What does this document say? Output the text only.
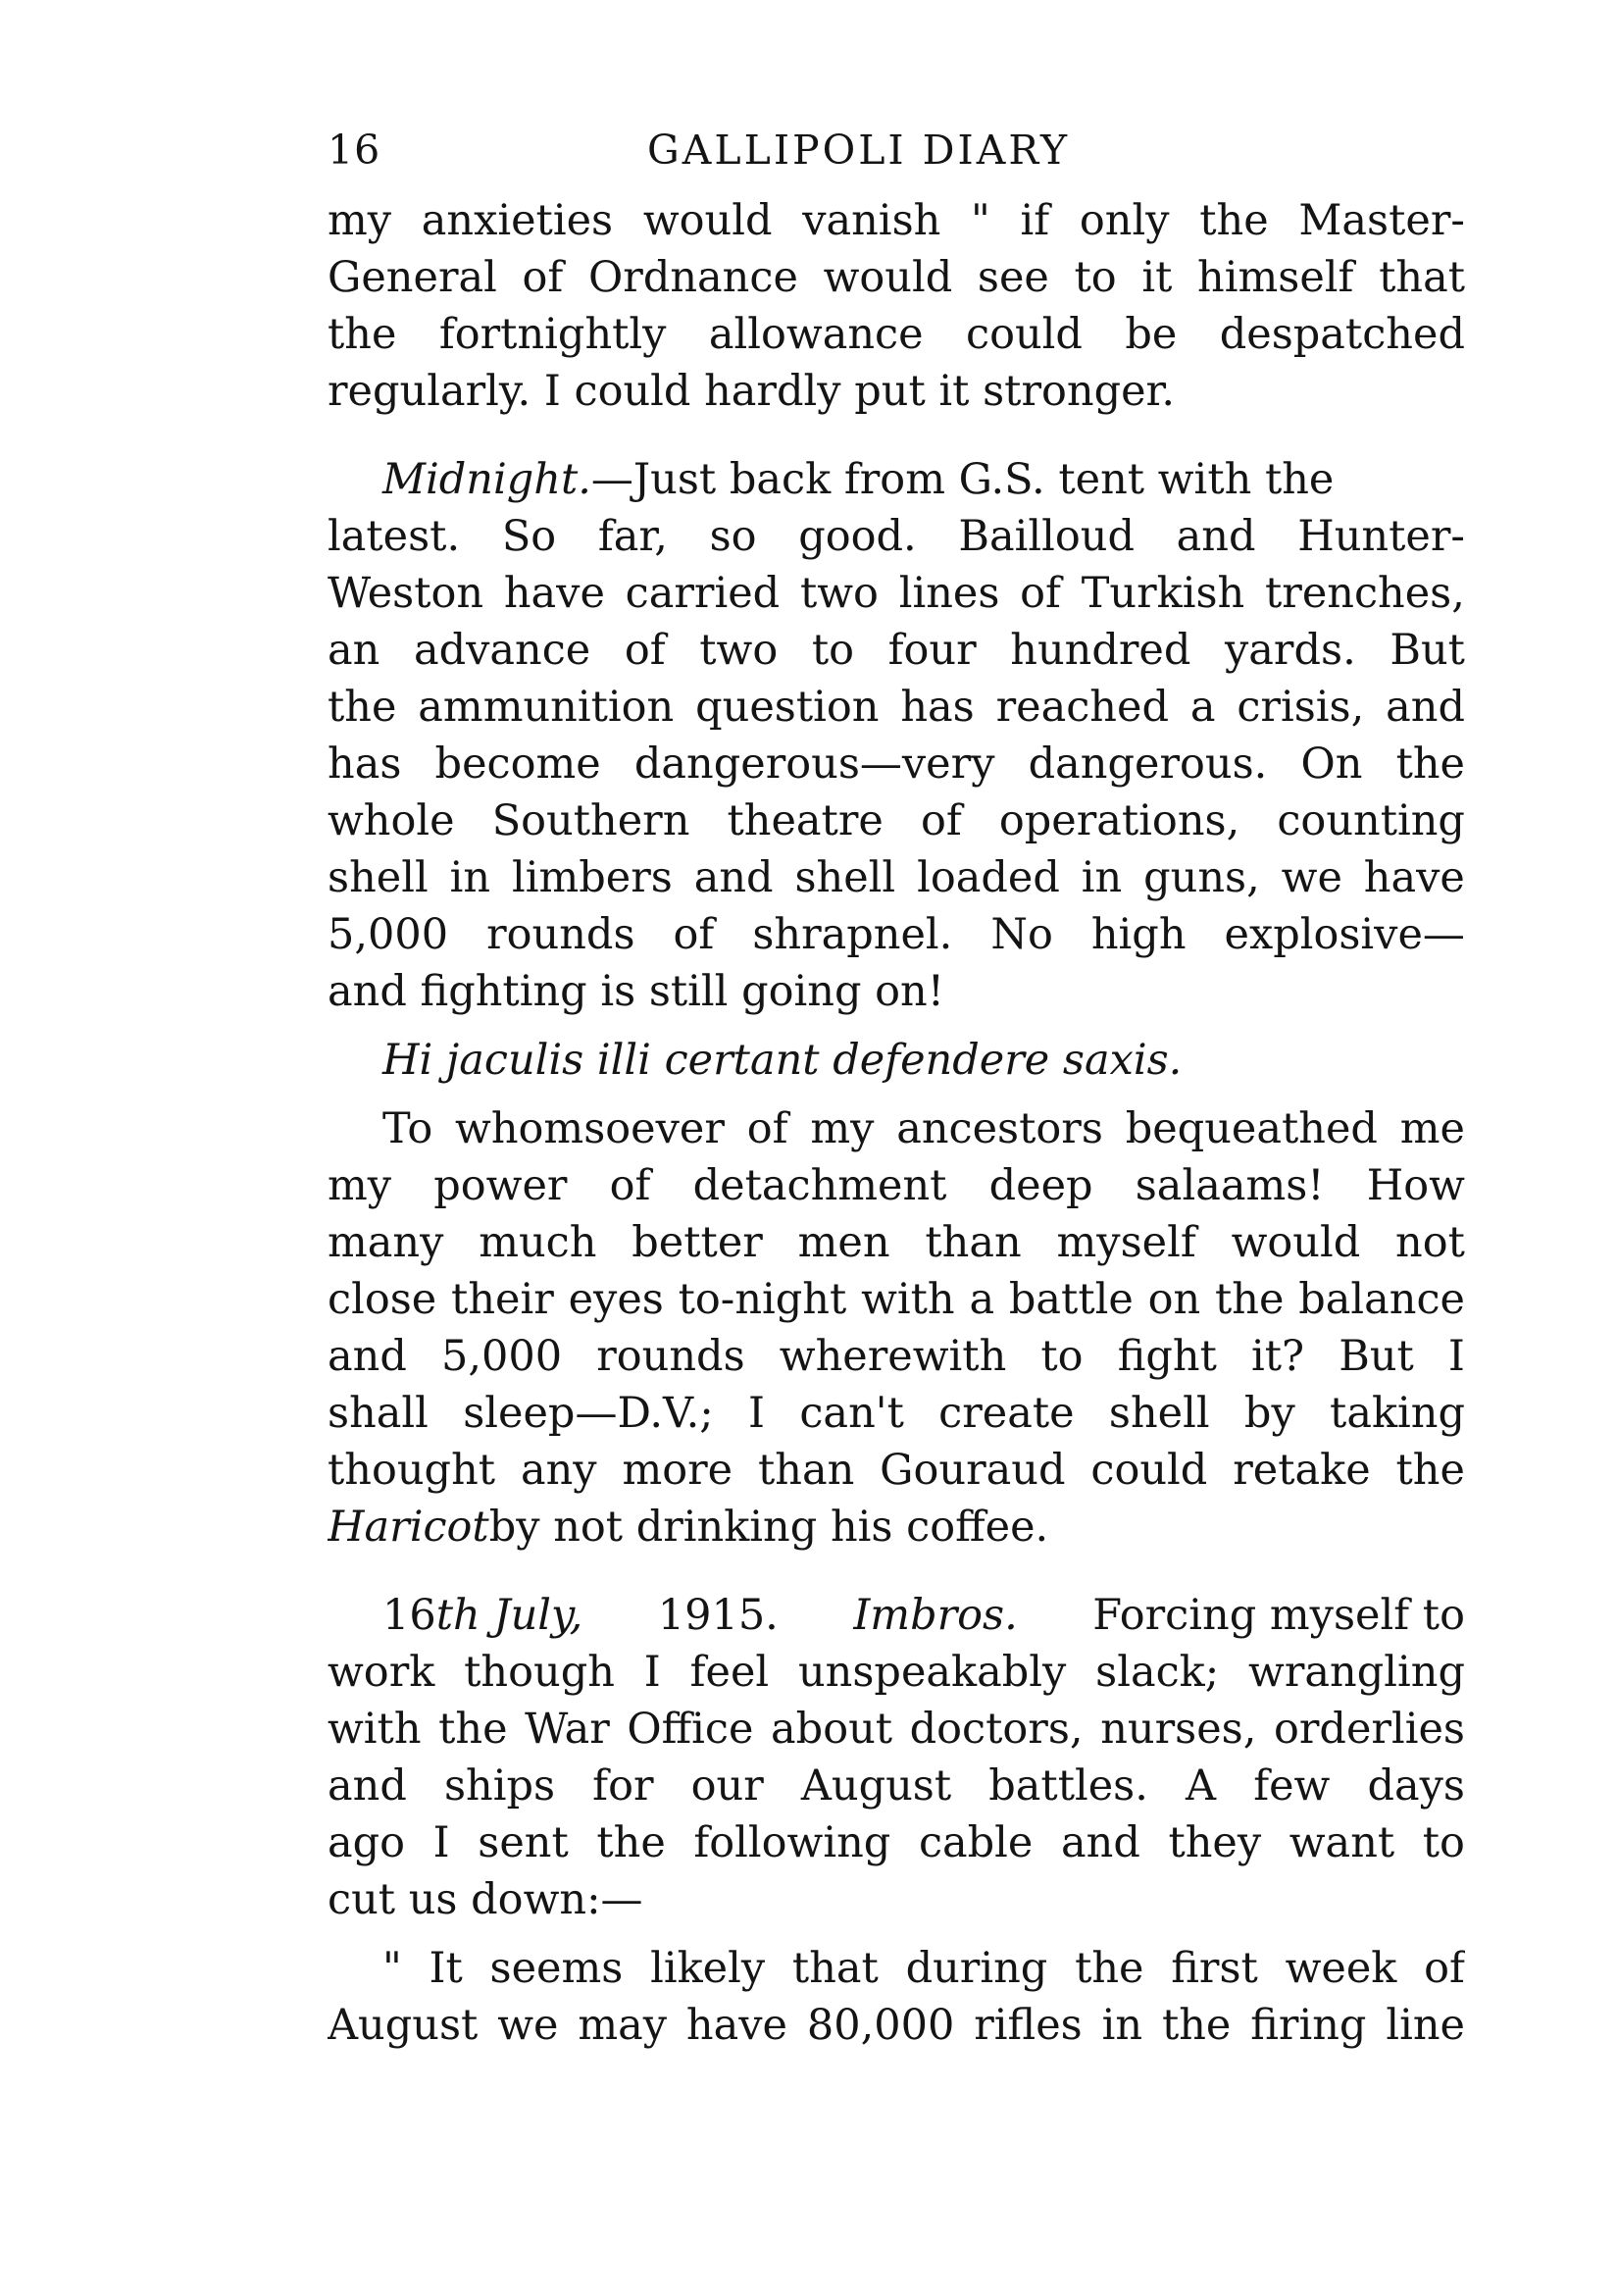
16	GALLIPOLI DIARY
my anxieties would vanish " if only the Master-
General of Ordnance would see to it himself that
the fortnightly allowance could be despatched
regularly. I could hardly put it stronger.
Midnight.—Just back from G.S. tent with the
latest. So far, so good. Bailloud and Hunter-
Weston have carried two lines of Turkish trenches,
an advance of two to four hundred yards. But
the ammunition question has reached a crisis, and
has become dangerous—very dangerous. On the
whole Southern theatre of operations, counting
shell in limbers and shell loaded in guns, we have
5,000 rounds of shrapnel. No high explosive—
and fighting is still going on!
Hi jaculis illi certant defendere saxis.
To whomsoever of my ancestors bequeathed me
my power of detachment deep salaams! How
many much better men than myself would not
close their eyes to-night with a battle on the balance
and 5,000 rounds wherewith to fight it? But I
shall sleep—D.V.; I can't create shell by taking
thought any more than Gouraud could retake the
Haricot by not drinking his coffee.
16th July, 1915. Imbros. Forcing myself to
work though I feel unspeakably slack; wrangling
with the War Office about doctors, nurses, orderlies
and ships for our August battles. A few days
ago I sent the following cable and they want to
cut us down:—
" It seems likely that during the first week of
August we may have 80,000 rifles in the firing line
